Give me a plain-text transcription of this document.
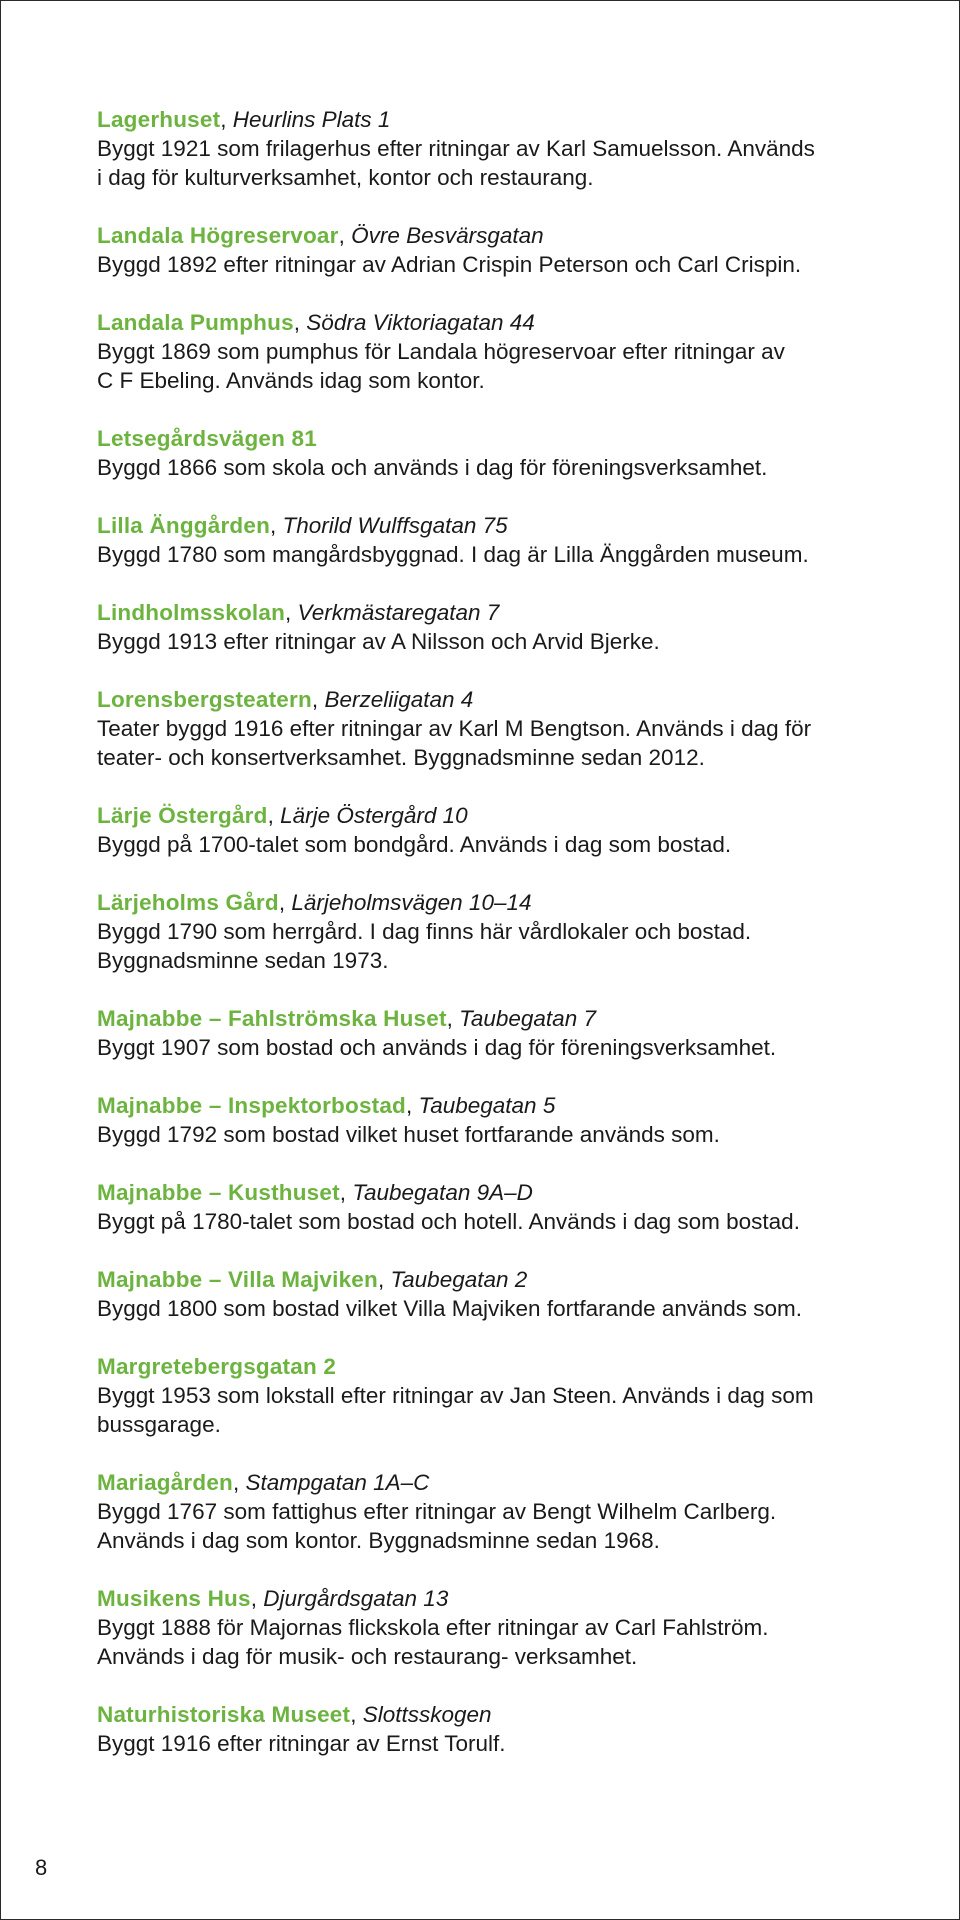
Lagerhuset, Heurlins Plats 1
Byggt 1921 som frilagerhus efter ritningar av Karl Samuelsson. Används
i dag för kulturverksamhet, kontor och restaurang.
Landala Högreservoar, Övre Besvärsgatan
Byggd 1892 efter ritningar av Adrian Crispin Peterson och Carl Crispin.
Landala Pumphus, Södra Viktoriagatan 44
Byggt 1869 som pumphus för Landala högreservoar efter ritningar av
C F Ebeling. Används idag som kontor.
Letsegårdsvägen 81
Byggd 1866 som skola och används i dag för föreningsverksamhet.
Lilla Änggården, Thorild Wulffsgatan 75
Byggd 1780 som mangårdsbyggnad. I dag är Lilla Änggården museum.
Lindholmsskolan, Verkmästaregatan 7
Byggd 1913 efter ritningar av A Nilsson och Arvid Bjerke.
Lorensbergsteatern, Berzeliigatan 4
Teater byggd 1916 efter ritningar av Karl M Bengtson. Används i dag för
teater- och konsertverksamhet. Byggnadsminne sedan 2012.
Lärje Östergård, Lärje Östergård 10
Byggd på 1700-talet som bondgård. Används i dag som bostad.
Lärjeholms Gård, Lärjeholmsvägen 10–14
Byggd 1790 som herrgård. I dag finns här vårdlokaler och bostad.
Byggnadsminne sedan 1973.
Majnabbe – Fahlströmska Huset, Taubegatan 7
Byggt 1907 som bostad och används i dag för föreningsverksamhet.
Majnabbe – Inspektorbostad, Taubegatan 5
Byggd 1792 som bostad vilket huset fortfarande används som.
Majnabbe – Kusthuset, Taubegatan 9A–D
Byggt på 1780-talet som bostad och hotell. Används i dag som bostad.
Majnabbe – Villa Majviken, Taubegatan 2
Byggd 1800 som bostad vilket Villa Majviken fortfarande används som.
Margretebergsgatan 2
Byggt 1953 som lokstall efter ritningar av Jan Steen. Används i dag som
bussgarage.
Mariagården, Stampgatan 1A–C
Byggd 1767 som fattighus efter ritningar av Bengt Wilhelm Carlberg.
Används i dag som kontor. Byggnadsminne sedan 1968.
Musikens Hus, Djurgårdsgatan 13
Byggt 1888 för Majornas flickskola efter ritningar av Carl Fahlström.
Används i dag för musik- och restaurang- verksamhet.
Naturhistoriska Museet, Slottsskogen
Byggt 1916 efter ritningar av Ernst Torulf.
8
